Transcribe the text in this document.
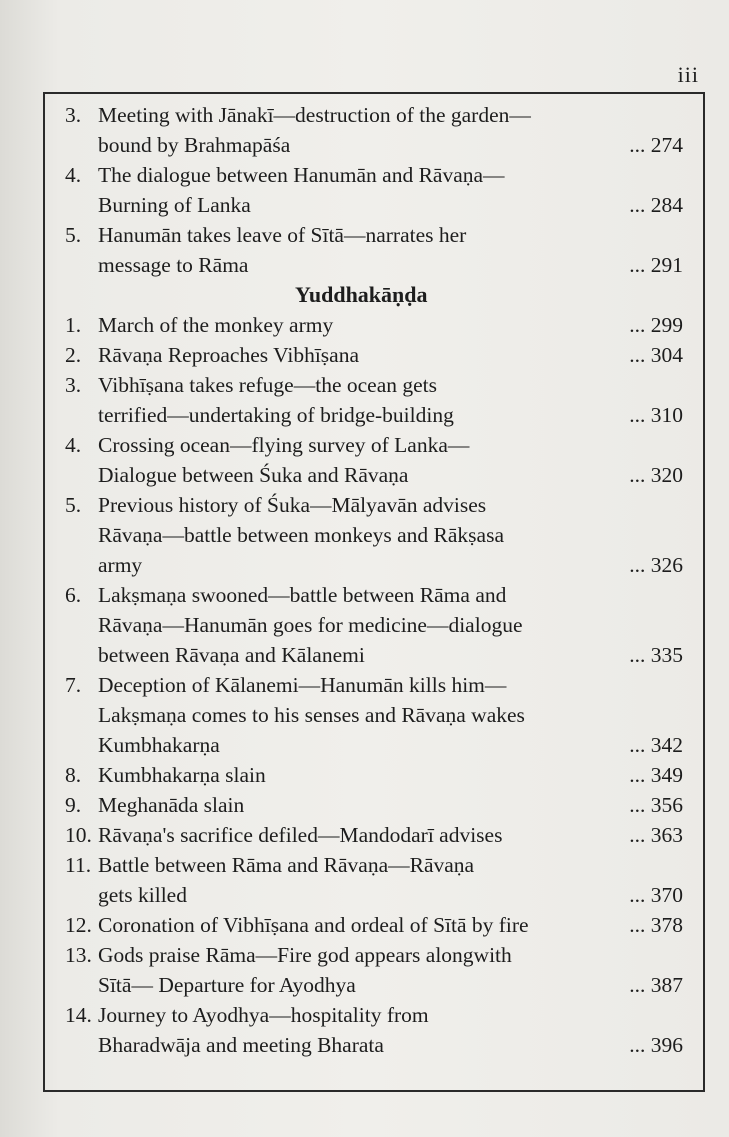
iii
3. Meeting with Jānakī—destruction of the garden—
bound by Brahmapāśa	... 274
4. The dialogue between Hanumān and Rāvaṇa—
Burning of Lanka	... 284
5. Hanumān takes leave of Sītā—narrates her
message to Rāma	... 291
Yuddhakāṇḍa
1. March of the monkey army	... 299
2. Rāvaṇa Reproaches Vibhīṣana	... 304
3. Vibhīṣana takes refuge—the ocean gets
terrified—undertaking of bridge-building	... 310
4. Crossing ocean—flying survey of Lanka—
Dialogue between Śuka and Rāvaṇa	... 320
5. Previous history of Śuka—Mālyavān advises
Rāvaṇa—battle between monkeys and Rākṣasa
army	... 326
6. Lakṣmaṇa swooned—battle between Rāma and
Rāvaṇa—Hanumān goes for medicine—dialogue
between Rāvaṇa and Kālanemi	... 335
7. Deception of Kālanemi—Hanumān kills him—
Lakṣmaṇa comes to his senses and Rāvaṇa wakes
Kumbhakarṇa	... 342
8. Kumbhakarṇa slain	... 349
9. Meghanāda slain	... 356
10. Rāvaṇa's sacrifice defiled—Mandodarī advises	... 363
11. Battle between Rāma and Rāvaṇa—Rāvaṇa
gets killed	... 370
12. Coronation of Vibhīṣana and ordeal of Sītā by fire	... 378
13. Gods praise Rāma—Fire god appears alongwith
Sītā— Departure for Ayodhya	... 387
14. Journey to Ayodhya—hospitality from
Bharadwāja and meeting Bharata	... 396
